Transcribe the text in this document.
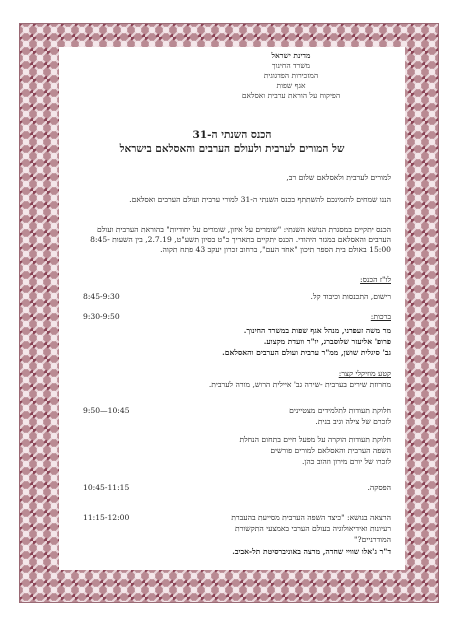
מדינת ישראל
משרד החינוך
המזכירות הפדגוגית
אגף שפות
הפיקוח על הוראת ערבית ואסלאם
הכנס השנתי ה-31
של המורים לערבית ולעולם הערבים והאסלאם בישראל
למורים לערבית ולאסלאם שלום רב,
הננו שמחים להזמינכם להשתתף בכנס השנתי ה-31 למורי ערבית ועולם הערבים ואסלאם.
הכנס יתקיים במסגרת הנושא השנתי: "שומרים על איזון, שומרים על יחודיות" בהוראת הערבית ועולם הערבים והאסלאם במגזר היהודי. הכנס יתקיים בתאריך כ"ט בסיון תשע"ט, 2.7.19, בין השעות 8:45-15:00 באולם בית הספר תיכון "אחד העם", ברחוב זכרון יעקב 43 פתח תקוה.
לו"ז הכנס:
רישום, התכנסות וכיבוד קל.
8:45-9:30
ברכות:
9:30-9:50
מר משה זעפרני, מנהל אגף שפות במשרד החינוך.
פרופ' אליעזר שלוסברג, יו"ר וועדת מקצוע.
גב' סיגלית שושן, ממ"ר ערבית ועולם הערבים והאסלאם.
קטע מוזיקלי קצר:
מחרוזת שירים בערבית -שירה גב' איילית הרוש, מורה לערבית.
חלוקת תעודות לתלמידים מצטיינים
9:50—10:45
לזכרם של צילה וגיב בנית.
חלוקת תעודות הוקרה על מפעל חיים בתחום הנחלת
השפה הערבית והאסלאם למורים פורשים
לזכרו של יורם מירון וזהוב כהן.
הפסקה.
10:45-11:15
הרצאה בנושא: "כיצד השפה הערבית מסייעת בהעברת
11:15-12:00
רעיונות ואידיאולוגיה בעולם הערבי באמצעי התקשורת
המודרניים?"
ד"ר ג'אלו שוויי שחדה, מרצה באוניברסיטת תל-אביב.
